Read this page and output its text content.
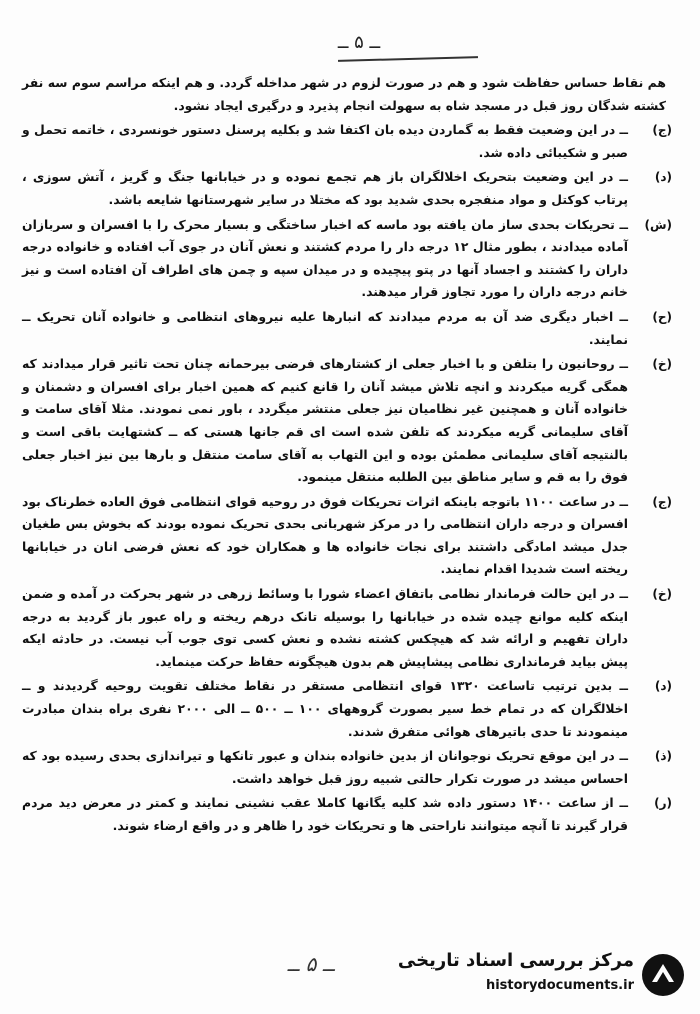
ــ ۵ ــ

هم نقاط حساس حفاظت شود و هم در صورت لزوم در شهر مداخله گردد. و هم اینکه مراسم سوم سه نفر کشته شدگان روز قبل در مسجد شاه به سهولت انجام پذیرد و درگیری ایجاد نشود.

(ج)
ــ در این وضعیت فقط به گماردن دیده بان اکتفا شد و بکلیه پرسنل دستور خونسردی ، خاتمه تحمل و صبر و شکیبائی داده شد.

(د)
ــ در این وضعیت بتحریک اخلالگران باز هم تجمع نموده و در خیابانها جنگ و گریز ، آتش سوزی ، پرتاب کوکتل و مواد منفجره بحدی شدید بود که مختلا در سایر شهرستانها شایعه باشد.

(ش)
ــ تحریکات بحدی ساز مان یافته بود ماسه که اخبار ساختگی و بسیار محرک را با افسران و سربازان آماده میدادند ، بطور مثال ۱۲ درجه دار را مردم کشتند و نعش آنان در جوی آب افتاده و خانواده درجه داران را کشتند و اجساد آنها در پتو پیچیده و در میدان سپه و چمن های اطراف آن افتاده است و نیز خانم درجه داران را مورد تجاوز قرار میدهند.

(ح)
ــ اخبار دیگری ضد آن به مردم میدادند که انبارها علیه نیروهای انتظامی و خانواده آنان تحریک ــ نمایند.

(خ)
ــ روحانیون را بتلفن و با اخبار جعلی از کشتارهای فرضی بیرحمانه چنان تحت تاثیر قرار میدادند که همگی گریه میکردند و انچه تلاش میشد آنان را قانع کنیم که همین اخبار برای افسران و دشمنان و خانواده آنان و همچنین غیر نظامیان نیز جعلی منتشر میگردد ، باور نمی نمودند. مثلا آقای سامت و آقای سلیمانی گریه میکردند که تلفن شده است ای قم جانها هستی که ــ کشتهایت باقی است و بالنتیجه آقای سلیمانی مطمئن بوده و این التهاب به آقای سامت منتقل و بارها بین نیز اخبار جعلی فوق را به قم و سایر مناطق بین الطلبه منتقل مینمود.

(ج)
ــ در ساعت ۱۱۰۰ باتوجه باینکه اثرات تحریکات فوق در روحیه قوای انتظامی فوق العاده خطرناک بود افسران و درجه داران انتظامی را در مرکز شهربانی بحدی تحریک نموده بودند که بخوش بس طغیان جدل میشد امادگی داشتند برای نجات خانواده ها و همکاران خود که نعش فرضی انان در خیابانها ریخته است شدیدا اقدام نمایند.

(خ)
ــ در این حالت فرماندار نظامی باتفاق اعضاء شورا با وسائط زرهی در شهر بحرکت در آمده و ضمن اینکه کلیه موانع چیده شده در خیابانها را بوسیله تانک درهم ریخته و راه عبور باز گردید به درجه داران تفهیم و ارائه شد که هیچکس کشته نشده و نعش کسی توی جوب آب نیست. در حادثه ایکه پیش بیاید فرمانداری نظامی پیشاپیش هم بدون هیچگونه حفاظ حرکت مینماید.

(د)
ــ بدین ترتیب تاساعت ۱۳۲۰ قوای انتظامی مستقر در نقاط مختلف تقویت روحیه گردیدند و ــ اخلالگران که در تمام خط سیر بصورت گروههای ۱۰۰ ــ ۵۰۰ ــ الی ۲۰۰۰ نفری براه بندان مبادرت مینمودند تا حدی باتیرهای هوائی متفرق شدند.

(ذ)
ــ در این موقع تحریک نوجوانان از بدین خانواده بندان و عبور تانکها و تیراندازی بحدی رسیده بود که احساس میشد در صورت تکرار حالتی شبیه روز قبل خواهد داشت.

(ر)
ــ از ساعت ۱۴۰۰ دستور داده شد کلیه یگانها کاملا عقب نشینی نمایند و کمتر در معرض دید مردم قرار گیرند تا آنچه میتوانند ناراحتی ها و تحریکات خود را ظاهر و در واقع ارضاء شوند.

ــ ۵ ــ	مرکز بررسی اسناد تاریخی
historydocuments.ir
